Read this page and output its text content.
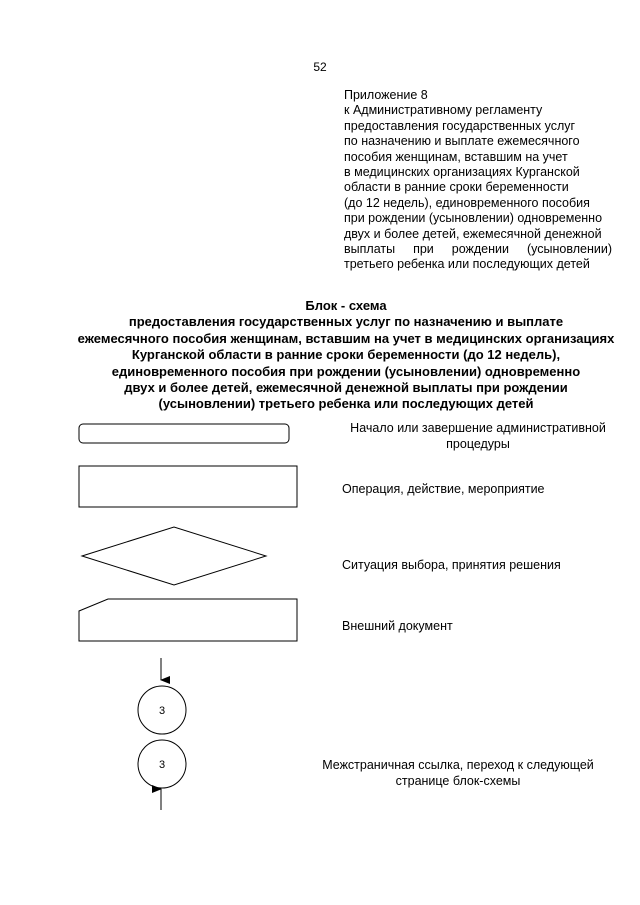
52
Приложение 8
к Административному регламенту
предоставления государственных услуг
по назначению и выплате ежемесячного
пособия женщинам, вставшим на учет
в медицинских организациях Курганской
области в ранние сроки беременности
(до 12 недель), единовременного пособия
при рождении (усыновлении) одновременно
двух и более детей, ежемесячной денежной
выплаты при рождении (усыновлении)
третьего ребенка или последующих детей
Блок - схема
предоставления государственных услуг по назначению и выплате
ежемесячного пособия женщинам, вставшим на учет в медицинских организациях
Курганской области в ранние сроки беременности (до 12 недель),
единовременного пособия при рождении (усыновлении) одновременно
двух и более детей, ежемесячной денежной выплаты при рождении
(усыновлении) третьего ребенка или последующих детей
3
3
Начало или завершение административной
процедуры
Операция, действие, мероприятие
Ситуация выбора, принятия решения
Внешний документ
Межстраничная ссылка, переход к следующей
странице блок-схемы
